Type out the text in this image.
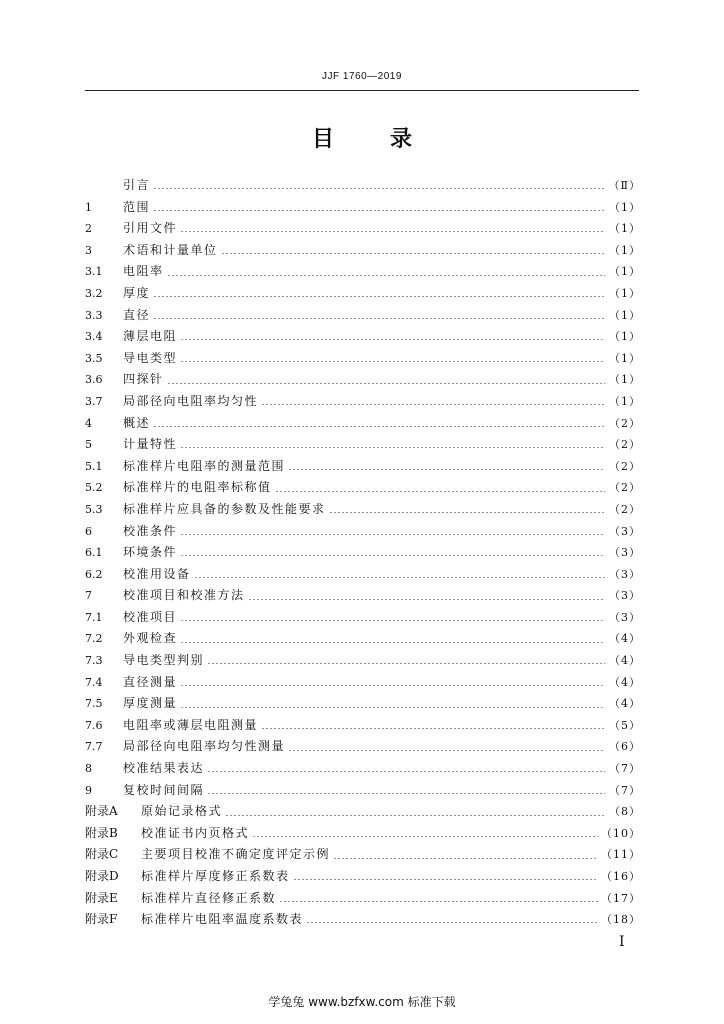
JJF 1760—2019
目录
引言	（Ⅱ）
1	范围	（1）
2	引用文件	（1）
3	术语和计量单位	（1）
3.1	电阻率	（1）
3.2	厚度	（1）
3.3	直径	（1）
3.4	薄层电阻	（1）
3.5	导电类型	（1）
3.6	四探针	（1）
3.7	局部径向电阻率均匀性	（1）
4	概述	（2）
5	计量特性	（2）
5.1	标准样片电阻率的测量范围	（2）
5.2	标准样片的电阻率标称值	（2）
5.3	标准样片应具备的参数及性能要求	（2）
6	校准条件	（3）
6.1	环境条件	（3）
6.2	校准用设备	（3）
7	校准项目和校准方法	（3）
7.1	校准项目	（3）
7.2	外观检查	（4）
7.3	导电类型判别	（4）
7.4	直径测量	（4）
7.5	厚度测量	（4）
7.6	电阻率或薄层电阻测量	（5）
7.7	局部径向电阻率均匀性测量	（6）
8	校准结果表达	（7）
9	复校时间间隔	（7）
附录A	原始记录格式	（8）
附录B	校准证书内页格式	（10）
附录C	主要项目校准不确定度评定示例	（11）
附录D	标准样片厚度修正系数表	（16）
附录E	标准样片直径修正系数	（17）
附录F	标准样片电阻率温度系数表	（18）
Ⅰ
学兔兔 www.bzfxw.com 标准下载
